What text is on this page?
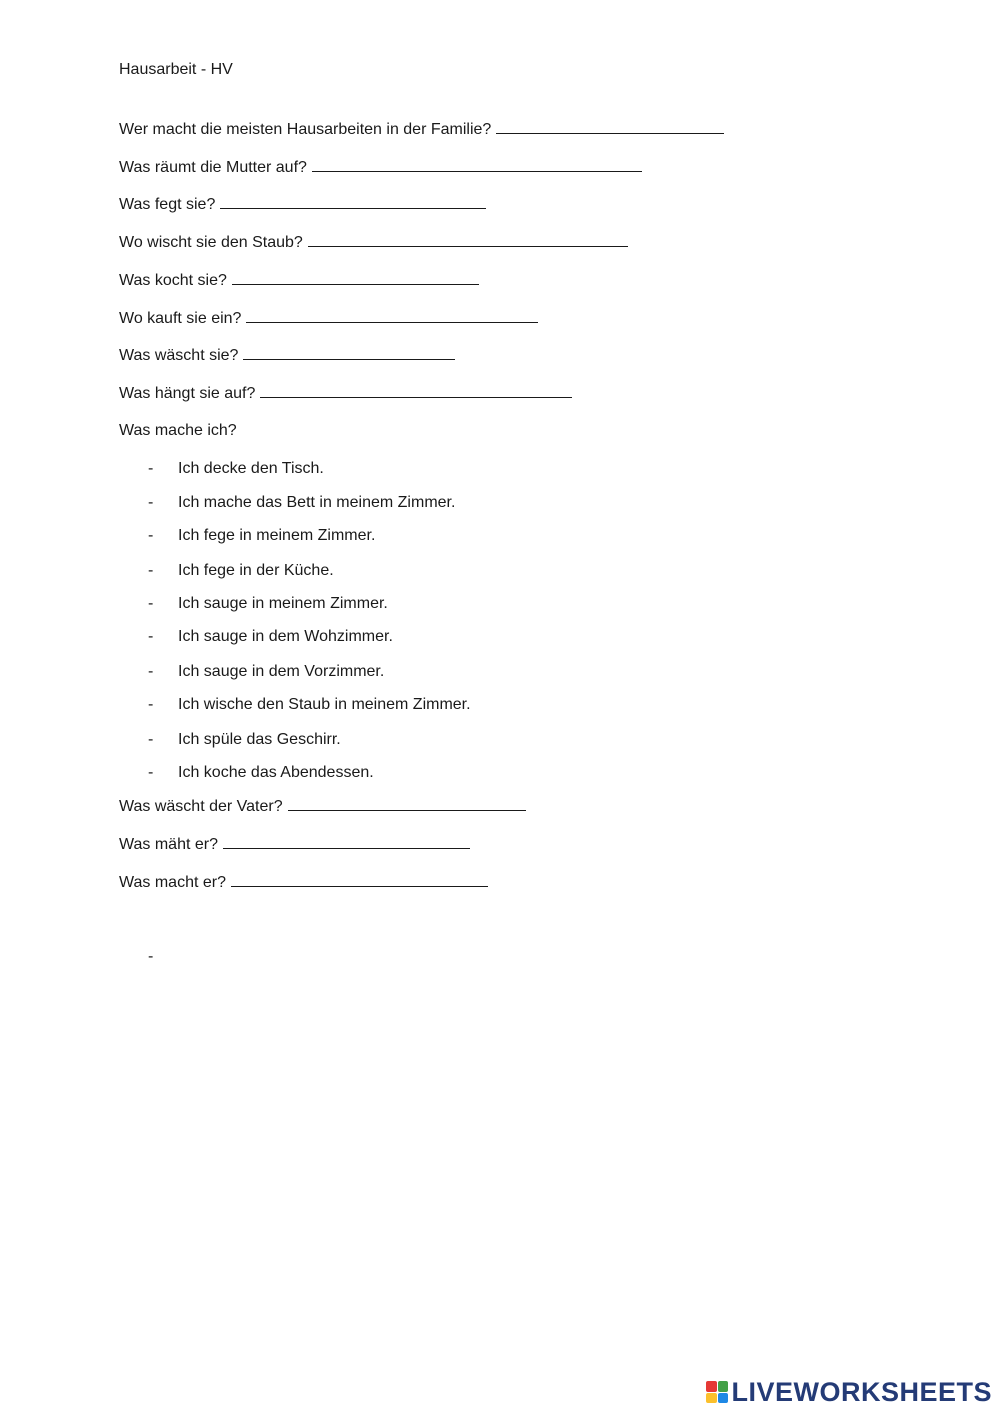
Hausarbeit - HV
Wer macht die meisten Hausarbeiten in der Familie?
Was räumt die Mutter auf?
Was fegt sie?
Wo wischt sie den Staub?
Was kocht sie?
Wo kauft sie ein?
Was wäscht sie?
Was hängt sie auf?
Was mache ich?
- Ich decke den Tisch.
- Ich mache das Bett in meinem Zimmer.
- Ich fege in meinem Zimmer.
- Ich fege in der Küche.
- Ich sauge in meinem Zimmer.
- Ich sauge in dem Wohzimmer.
- Ich sauge in dem Vorzimmer.
- Ich wische den Staub in meinem Zimmer.
- Ich spüle das Geschirr.
- Ich koche das Abendessen.
Was wäscht der Vater?
Was mäht er?
Was macht er?
-
LIVEWORKSHEETS
